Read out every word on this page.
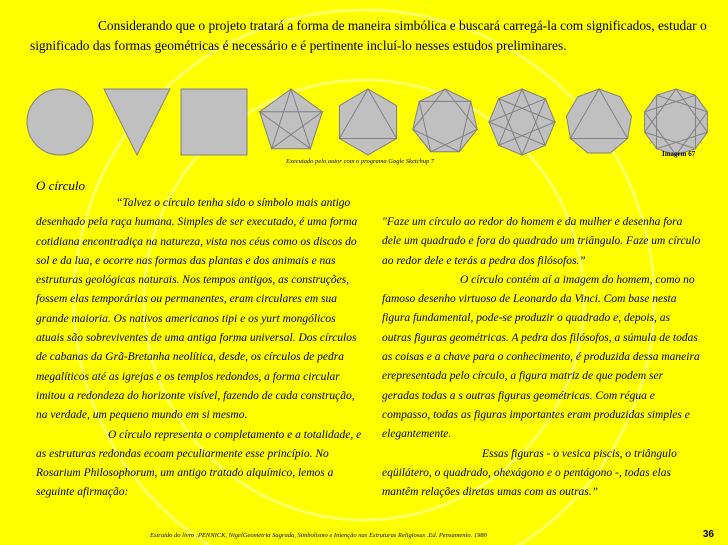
Considerando que o projeto tratará a forma de maneira simbólica e buscará carregá-la com significados, estudar o significado das formas geométricas é necessário e é pertinente incluí-lo nesses estudos preliminares.
Executado pelo autor com o programa Gogle Sketchup 7
Imagem 67
O círculo

“Talvez o círculo tenha sido o símbolo mais antigo desenhado pela raça humana. Simples de ser executado, é uma forma cotidiana encontradiça na natureza, vista nos céus como os discos do sol e da lua, e ocorre nas formas das plantas e dos animais e nas estruturas geológicas naturais. Nos tempos antigos, as construções, fossem elas temporárias ou permanentes, eram circulares em sua grande maioria. Os nativos americanos tipi e os yurt mongólicos atuais são sobreviventes de uma antiga forma universal. Dos círculos de cabanas da Grã-Bretanha neolítica, desde, os círculos de pedra megalíticos até as igrejas e os templos redondos, a forma circular imitou a redondeza do horizonte visível, fazendo de cada construção, na verdade, um pequeno mundo em si mesmo.

O círculo representa o completamento e a totalidade, e as estruturas redondas ecoam peculiarmente esse princípio. No Rosarium Philosophorum, um antigo tratado alquímico, lemos a seguinte afirmação:

"Faze um círculo ao redor do homem e da mulher e desenha fora dele um quadrado e fora do quadrado um triângulo. Faze um círculo ao redor dele e terás a pedra dos filósofos.”

O círculo contém aí a imagem do homem, como no famoso desenho virtuoso de Leonardo da Vinci. Com base nesta figura fundamental, pode-se produzir o quadrado e, depois, as outras figuras geométricas. A pedra dos filósofos, a súmula de todas as coisas e a chave para o conhecimento, é produzida dessa maneira erepresentada pelo círculo, a figura matriz de que podem ser geradas todas a s outras figuras geométricas. Com régua e compasso, todas as figuras importantes eram produzidas simples e elegantemente.

Essas figuras - o vesica piscis, o triângulo eqüilátero, o quadrado, ohexágono e o pentágono -, todas elas mantêm relações diretas umas com as outras.”

Estraído do livro :PENNICK, NigelGeometria Sagrada, Simbolismo e Intenção nas Estruturas Religiosas .Ed. Pensamento. 1980	36
